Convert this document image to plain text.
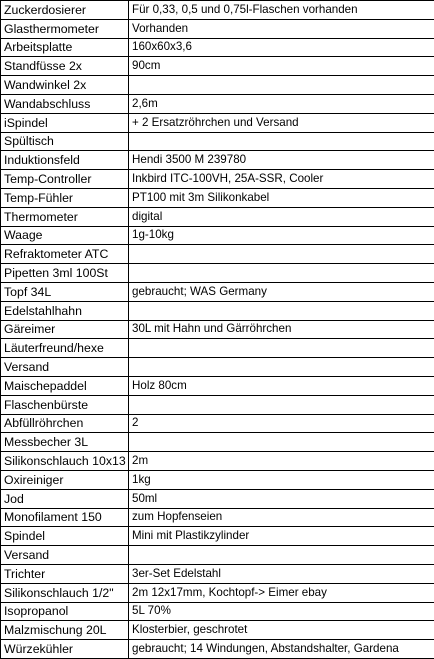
Zuckerdosierer	Für 0,33, 0,5 und 0,75l-Flaschen vorhanden
Glasthermometer	Vorhanden
Arbeitsplatte	160x60x3,6
Standfüsse 2x	90cm
Wandwinkel 2x	
Wandabschluss	2,6m
iSpindel	+ 2 Ersatzröhrchen und Versand
Spültisch	
Induktionsfeld	Hendi 3500 M 239780
Temp-Controller	Inkbird ITC-100VH, 25A-SSR, Cooler
Temp-Fühler	PT100 mit 3m Silikonkabel
Thermometer	digital
Waage	1g-10kg
Refraktometer ATC	
Pipetten 3ml 100St	
Topf 34L	gebraucht; WAS Germany
Edelstahlhahn	
Gäreimer	30L mit Hahn und Gärröhrchen
Läuterfreund/hexe	
Versand	
Maischepaddel	Holz 80cm
Flaschenbürste	
Abfüllröhrchen	2
Messbecher 3L	
Silikonschlauch 10x13	2m
Oxireiniger	1kg
Jod	50ml
Monofilament 150	zum Hopfenseien
Spindel	Mini mit Plastikzylinder
Versand	
Trichter	3er-Set Edelstahl
Silikonschlauch 1/2"	2m 12x17mm, Kochtopf-> Eimer ebay
Isopropanol	5L 70%
Malzmischung 20L	Klosterbier, geschrotet
Würzekühler	gebraucht; 14 Windungen, Abstandshalter, Gardena
